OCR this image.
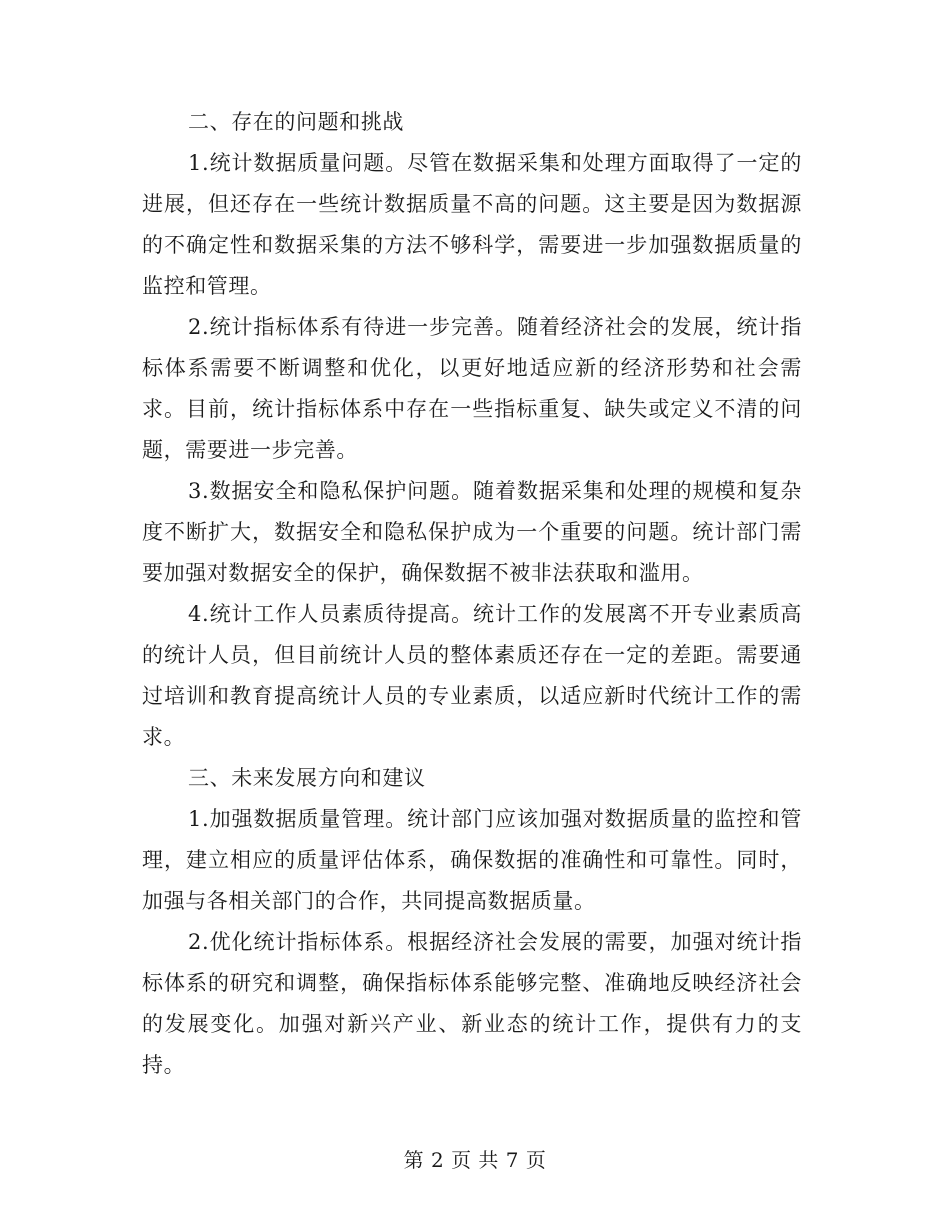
二、存在的问题和挑战

1.统计数据质量问题。尽管在数据采集和处理方面取得了一定的进展，但还存在一些统计数据质量不高的问题。这主要是因为数据源的不确定性和数据采集的方法不够科学，需要进一步加强数据质量的监控和管理。

2.统计指标体系有待进一步完善。随着经济社会的发展，统计指标体系需要不断调整和优化，以更好地适应新的经济形势和社会需求。目前，统计指标体系中存在一些指标重复、缺失或定义不清的问题，需要进一步完善。

3.数据安全和隐私保护问题。随着数据采集和处理的规模和复杂度不断扩大，数据安全和隐私保护成为一个重要的问题。统计部门需要加强对数据安全的保护，确保数据不被非法获取和滥用。

4.统计工作人员素质待提高。统计工作的发展离不开专业素质高的统计人员，但目前统计人员的整体素质还存在一定的差距。需要通过培训和教育提高统计人员的专业素质，以适应新时代统计工作的需求。

三、未来发展方向和建议

1.加强数据质量管理。统计部门应该加强对数据质量的监控和管理，建立相应的质量评估体系，确保数据的准确性和可靠性。同时，加强与各相关部门的合作，共同提高数据质量。

2.优化统计指标体系。根据经济社会发展的需要，加强对统计指标体系的研究和调整，确保指标体系能够完整、准确地反映经济社会的发展变化。加强对新兴产业、新业态的统计工作，提供有力的支持。

第 2 页 共 7 页
